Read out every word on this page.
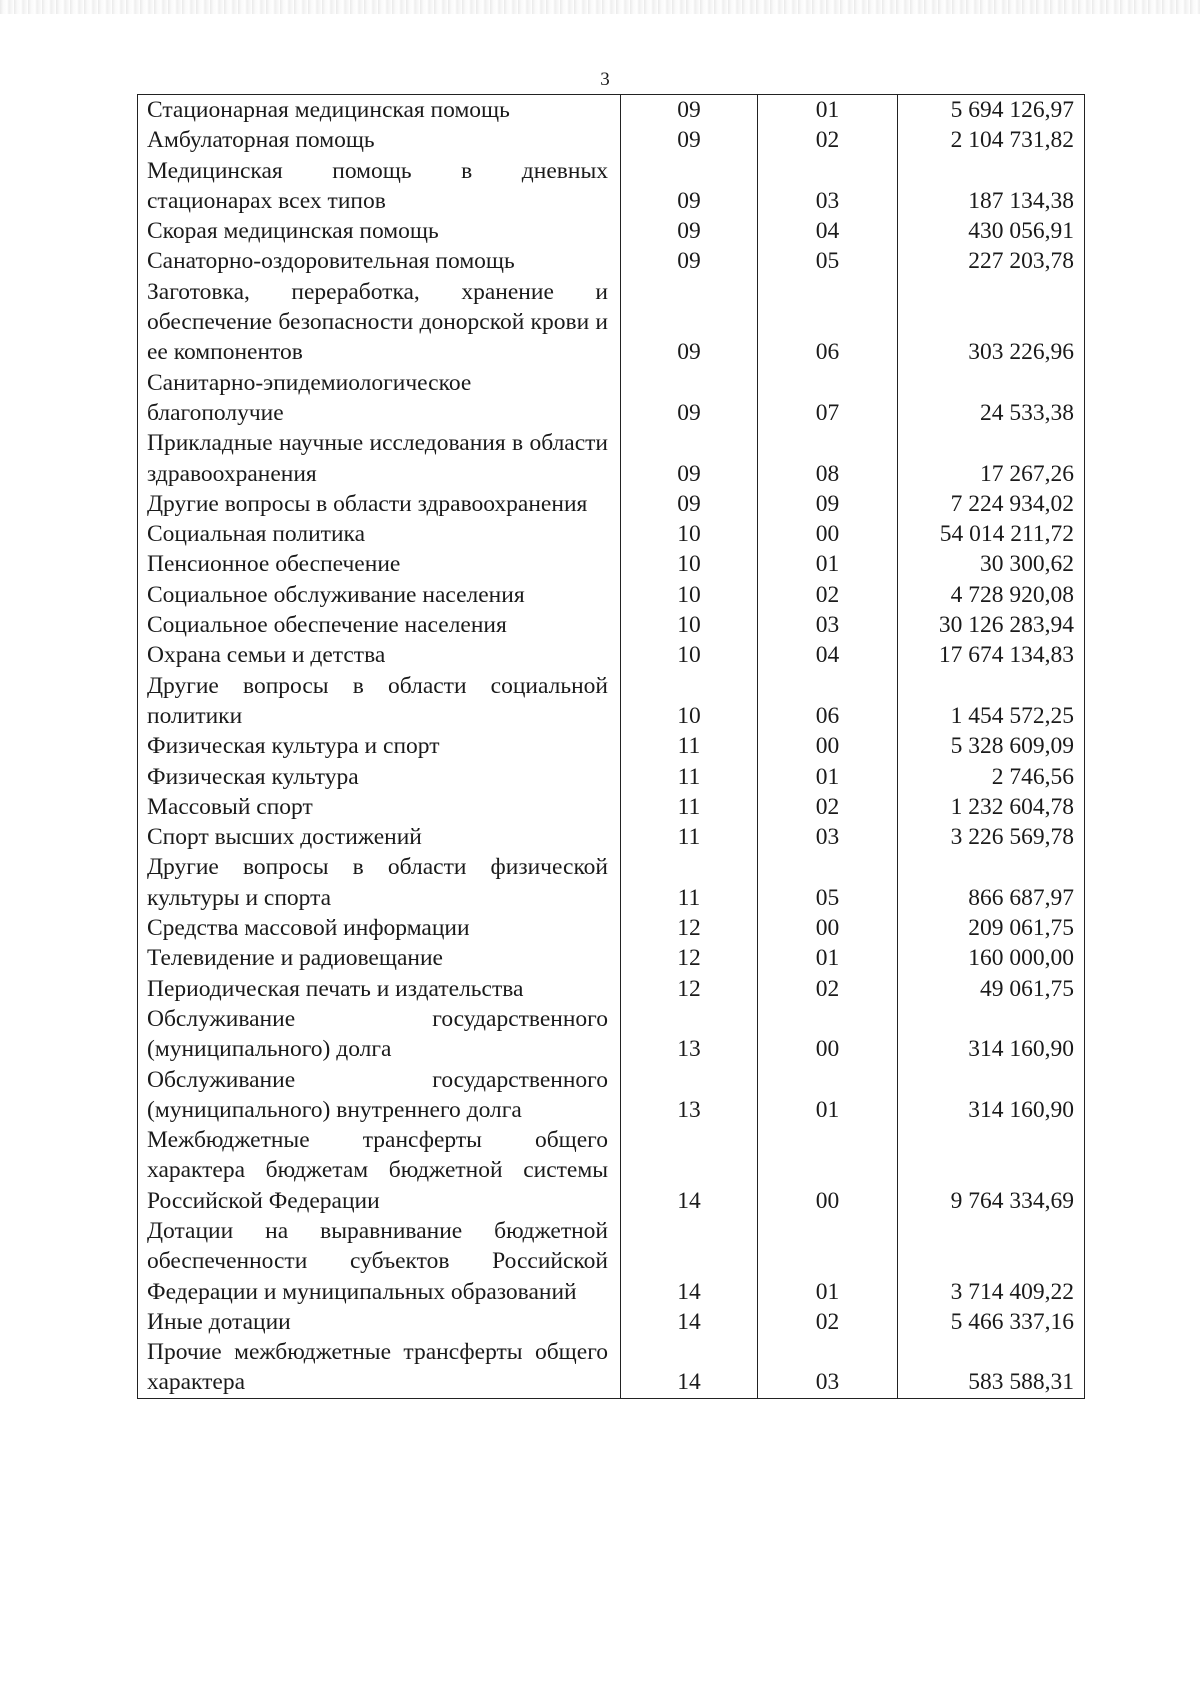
3
Стационарная медицинская помощь	09	01	5 694 126,97
Амбулаторная помощь	09	02	2 104 731,82
Медицинская помощь в дневных стационарах всех типов	09	03	187 134,38
Скорая медицинская помощь	09	04	430 056,91
Санаторно-оздоровительная помощь	09	05	227 203,78
Заготовка, переработка, хранение и обеспечение безопасности донорской крови и ее компонентов	09	06	303 226,96
Санитарно-эпидемиологическое благополучие	09	07	24 533,38
Прикладные научные исследования в области здравоохранения	09	08	17 267,26
Другие вопросы в области здравоохранения	09	09	7 224 934,02
Социальная политика	10	00	54 014 211,72
Пенсионное обеспечение	10	01	30 300,62
Социальное обслуживание населения	10	02	4 728 920,08
Социальное обеспечение населения	10	03	30 126 283,94
Охрана семьи и детства	10	04	17 674 134,83
Другие вопросы в области социальной политики	10	06	1 454 572,25
Физическая культура и спорт	11	00	5 328 609,09
Физическая культура	11	01	2 746,56
Массовый спорт	11	02	1 232 604,78
Спорт высших достижений	11	03	3 226 569,78
Другие вопросы в области физической культуры и спорта	11	05	866 687,97
Средства массовой информации	12	00	209 061,75
Телевидение и радиовещание	12	01	160 000,00
Периодическая печать и издательства	12	02	49 061,75
Обслуживание государственного (муниципального) долга	13	00	314 160,90
Обслуживание государственного (муниципального) внутреннего долга	13	01	314 160,90
Межбюджетные трансферты общего характера бюджетам бюджетной системы Российской Федерации	14	00	9 764 334,69
Дотации на выравнивание бюджетной обеспеченности субъектов Российской Федерации и муниципальных образований	14	01	3 714 409,22
Иные дотации	14	02	5 466 337,16
Прочие межбюджетные трансферты общего характера	14	03	583 588,31
